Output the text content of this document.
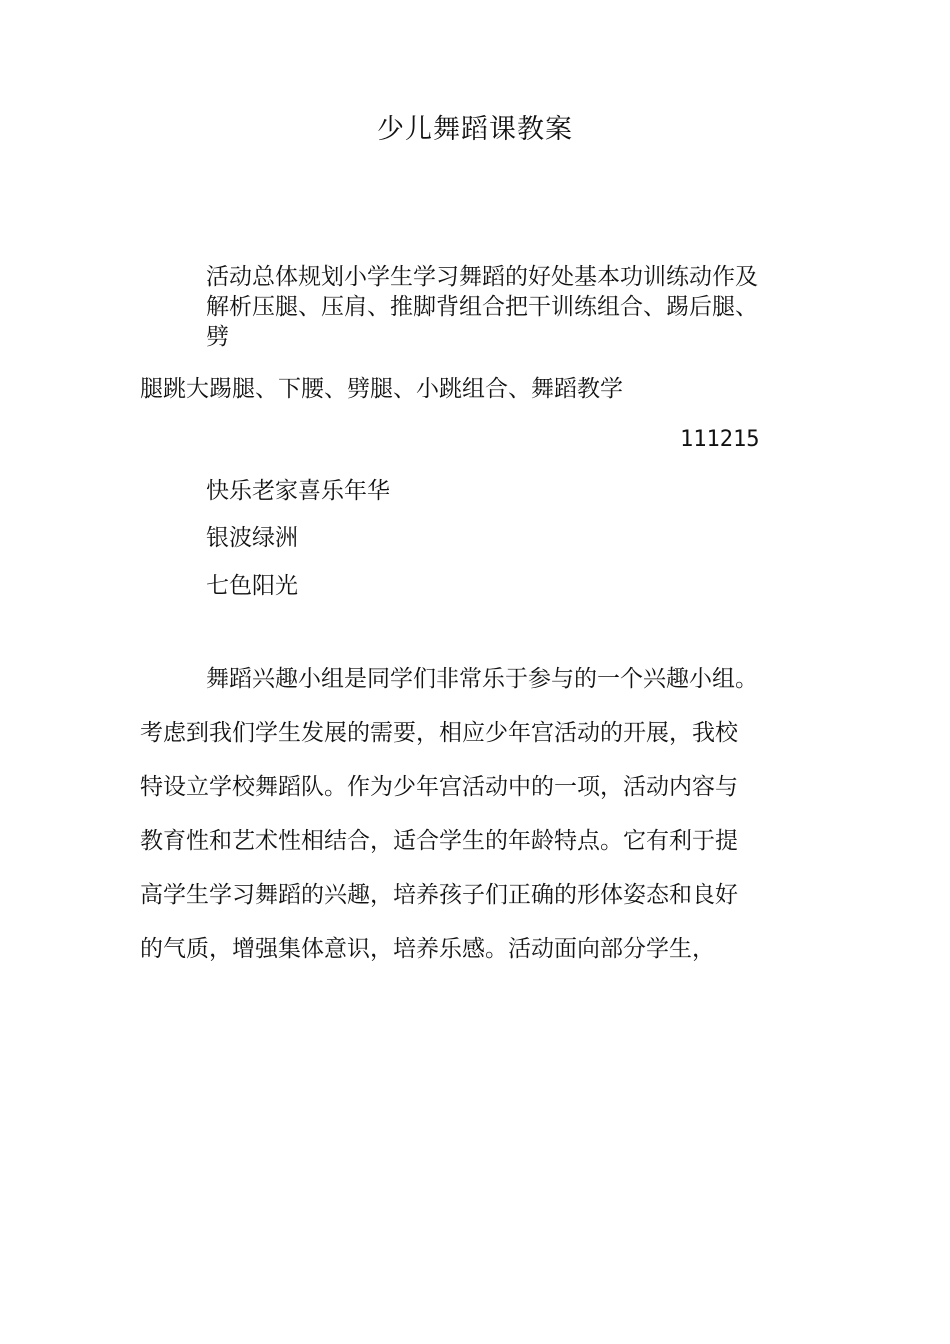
少儿舞蹈课教案
活动总体规划小学生学习舞蹈的好处基本功训练动作及
解析压腿、压肩、推脚背组合把干训练组合、踢后腿、
劈
腿跳大踢腿、下腰、劈腿、小跳组合、舞蹈教学
111215
快乐老家喜乐年华
银波绿洲
七色阳光
舞蹈兴趣小组是同学们非常乐于参与的一个兴趣小组。
考虑到我们学生发展的需要，相应少年宫活动的开展，我校
特设立学校舞蹈队。作为少年宫活动中的一项，活动内容与
教育性和艺术性相结合，适合学生的年龄特点。它有利于提
高学生学习舞蹈的兴趣，培养孩子们正确的形体姿态和良好
的气质，增强集体意识，培养乐感。活动面向部分学生，
